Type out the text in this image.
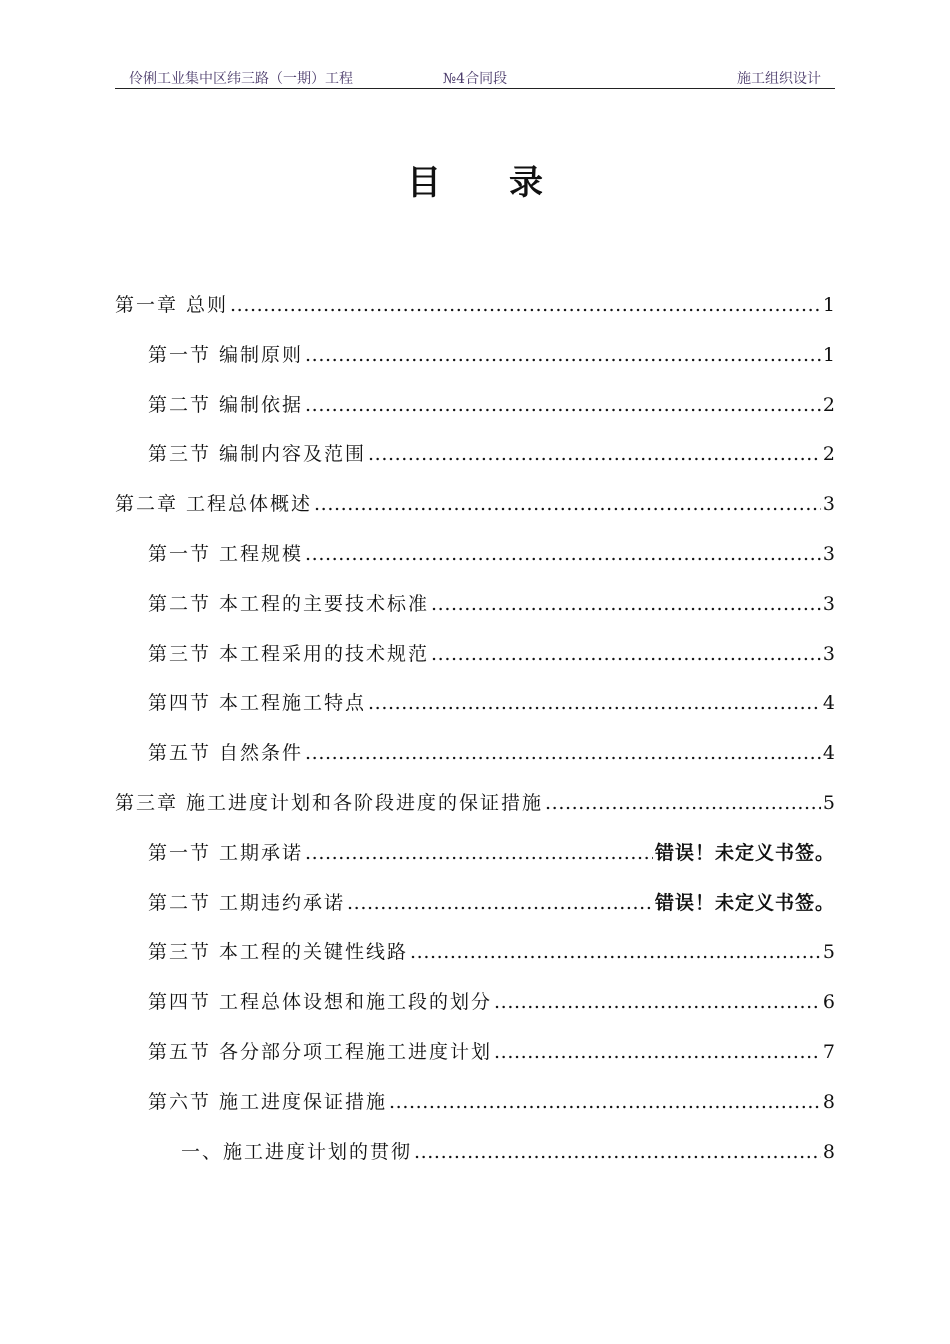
伶俐工业集中区纬三路（一期）工程	№4合同段	施工组织设计
目录
第一章 总则 .....	1
第一节 编制原则 .....	1
第二节 编制依据 .....	2
第三节 编制内容及范围 .....	2
第二章 工程总体概述 .....	3
第一节 工程规模 .....	3
第二节 本工程的主要技术标准 .....	3
第三节 本工程采用的技术规范 .....	3
第四节 本工程施工特点 .....	4
第五节 自然条件 .....	4
第三章 施工进度计划和各阶段进度的保证措施 .....	5
第一节 工期承诺 .....	错误！未定义书签。
第二节 工期违约承诺 .....	错误！未定义书签。
第三节 本工程的关键性线路 .....	5
第四节 工程总体设想和施工段的划分 .....	6
第五节 各分部分项工程施工进度计划 .....	7
第六节 施工进度保证措施 .....	8
一、施工进度计划的贯彻 .....	8
